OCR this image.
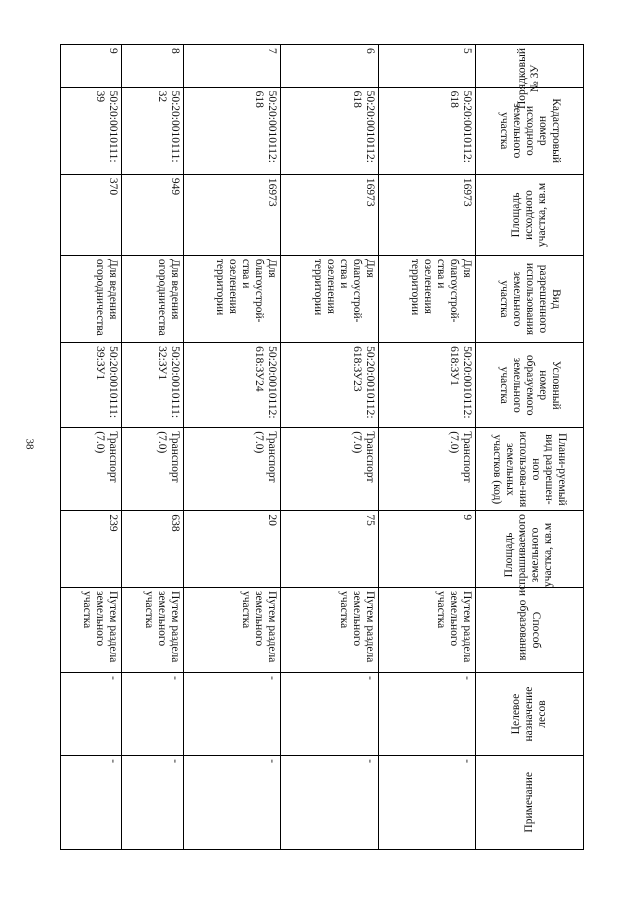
38
Порядковый № ЗУ	Кадастровый номер исходного земельного участка	Площадь исходного участка, кв.м	Вид разрешенного использования земельного участка	Условный номер образуемого земельного участка	Плани-руемый вид разрешен-ного использова-ния земельных участков (код)	Площадь испрашиваемого земельного участка, кв.м	Способ образования	Целевое назначение лесов	Примечание
5	50:20:0010112: 618	16973	Для благоустрой-ства и озеленения территории	50:20:0010112: 618:ЗУ1	Транспорт (7.0)	9	Путем раздела земельного участка	-	-
6	50:20:0010112: 618	16973	Для благоустрой-ства и озеленения территории	50:20:0010112: 618:ЗУ23	Транспорт (7.0)	75	Путем раздела земельного участка	-	-
7	50:20:0010112: 618	16973	Для благоустрой-ства и озеленения территории	50:20:0010112: 618:ЗУ24	Транспорт (7.0)	20	Путем раздела земельного участка	-	-
8	50:20:0010111: 32	949	Для ведения огородничества	50:20:0010111: 32:ЗУ1	Транспорт (7.0)	638	Путем раздела земельного участка	-	-
9	50:20:0010111: 39	370	Для ведения огородничества	50:20:0010111: 39:ЗУ1	Транспорт (7.0)	239	Путем раздела земельного участка	-	-
